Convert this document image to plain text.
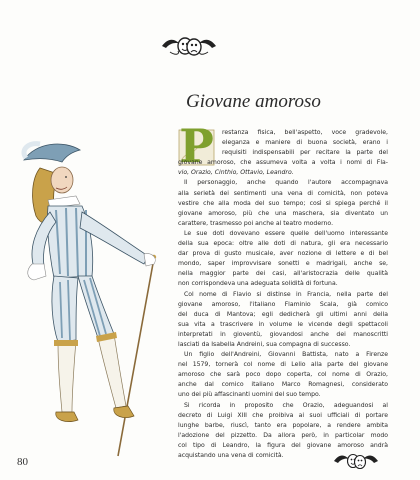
Giovane amoroso
P	restanza fisica, bell'aspetto, voce gradevole,
eleganza e maniere di buona società, erano i
requisiti indispensabili per recitare la parte del
giovane amoroso, che assumeva volta a volta i nomi di Fla-
vio, Orazio, Cinthio, Ottavio, Leandro.
Il personaggio, anche quando l'autore accompagnava
alla serietà dei sentimenti una vena di comicità, non poteva
vestire che alla moda del suo tempo; così si spiega perché il
giovane amoroso, più che una maschera, sia diventato un
carattere, trasmesso poi anche al teatro moderno.
Le sue doti dovevano essere quelle dell'uomo interessante
della sua epoca: oltre alle doti di natura, gli era necessario
dar prova di gusto musicale, aver nozione di lettere e di bel
mondo, saper improvvisare sonetti e madrigali, anche se,
nella maggior parte dei casi, all'aristocrazia delle qualità
non corrispondeva una adeguata solidità di fortuna.
Col nome di Flavio si distinse in Francia, nella parte del
giovane amoroso, l'italiano Flaminio Scala, già comico
del duca di Mantova; egli dedicherà gli ultimi anni della
sua vita a trascrivere in volume le vicende degli spettacoli
interpretati in gioventù, giovandosi anche dei manoscritti
lasciati da Isabella Andreini, sua compagna di successo.
Un figlio dell'Andreini, Giovanni Battista, nato a Firenze
nel 1579, tornerà col nome di Lelio alla parte del giovane
amoroso che sarà poco dopo coperta, col nome di Orazio,
anche dal comico italiano Marco Romagnesi, considerato
uno dei più affascinanti uomini del suo tempo.
Si ricorda in proposito che Orazio, adeguandosi al
decreto di Luigi XIII che proibiva ai suoi ufficiali di portare
lunghe barbe, riuscì, tanto era popolare, a rendere ambita
l'adozione del pizzetto. Da allora però, in particolar modo
col tipo di Leandro, la figura del giovane amoroso andrà
acquistando una vena di comicità.
80
